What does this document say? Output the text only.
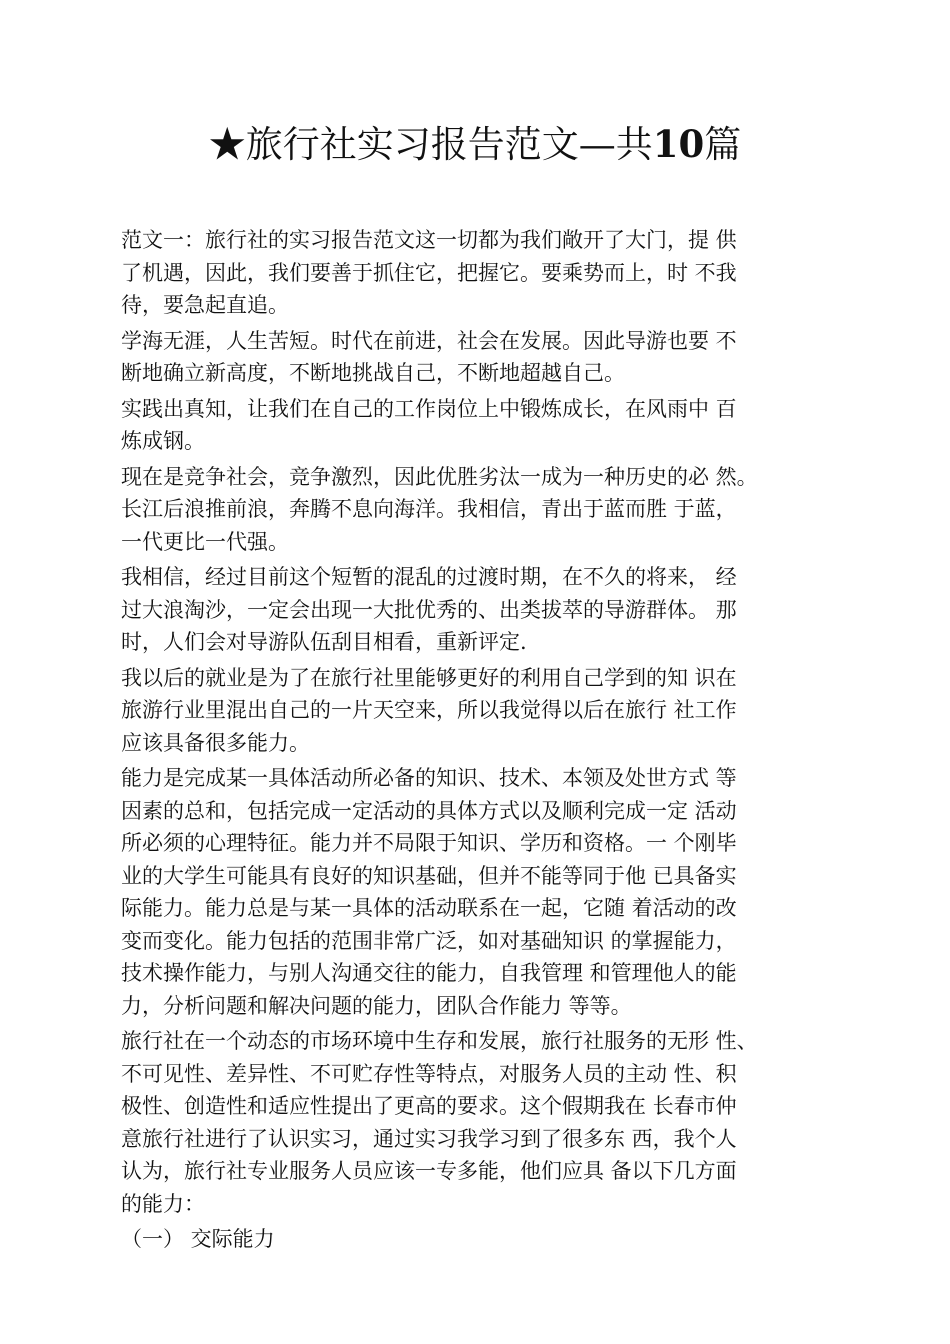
★旅行社实习报告范文—共10篇
范文一：旅行社的实习报告范文这一切都为我们敞开了大门，提 供
了机遇，因此，我们要善于抓住它，把握它。要乘势而上，时 不我
待，要急起直追。
学海无涯，人生苦短。时代在前进，社会在发展。因此导游也要 不
断地确立新高度，不断地挑战自己，不断地超越自己。
实践出真知，让我们在自己的工作岗位上中锻炼成长，在风雨中 百
炼成钢。
现在是竞争社会，竞争激烈，因此优胜劣汰一成为一种历史的必 然。
长江后浪推前浪，奔腾不息向海洋。我相信，青出于蓝而胜 于蓝，
一代更比一代强。
我相信，经过目前这个短暂的混乱的过渡时期，在不久的将来， 经
过大浪淘沙，一定会出现一大批优秀的、出类拔萃的导游群体。 那
时，人们会对导游队伍刮目相看，重新评定.
我以后的就业是为了在旅行社里能够更好的利用自己学到的知 识在
旅游行业里混出自己的一片天空来，所以我觉得以后在旅行 社工作
应该具备很多能力。
能力是完成某一具体活动所必备的知识、技术、本领及处世方式 等
因素的总和，包括完成一定活动的具体方式以及顺利完成一定 活动
所必须的心理特征。能力并不局限于知识、学历和资格。一 个刚毕
业的大学生可能具有良好的知识基础，但并不能等同于他 已具备实
际能力。能力总是与某一具体的活动联系在一起，它随 着活动的改
变而变化。能力包括的范围非常广泛，如对基础知识 的掌握能力，
技术操作能力，与别人沟通交往的能力，自我管理 和管理他人的能
力，分析问题和解决问题的能力，团队合作能力 等等。
旅行社在一个动态的市场环境中生存和发展，旅行社服务的无形 性、
不可见性、差异性、不可贮存性等特点，对服务人员的主动 性、积
极性、创造性和适应性提出了更高的要求。这个假期我在 长春市仲
意旅行社进行了认识实习，通过实习我学习到了很多东 西，我个人
认为，旅行社专业服务人员应该一专多能，他们应具 备以下几方面
的能力：
（一） 交际能力
